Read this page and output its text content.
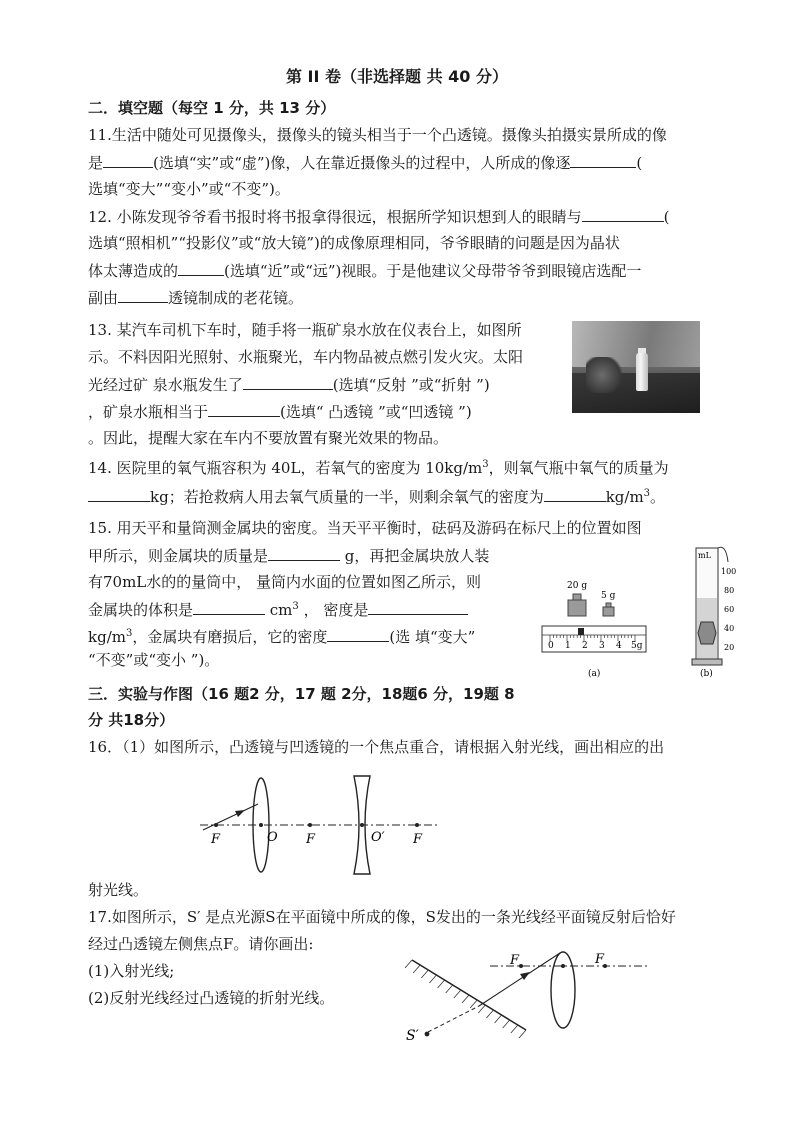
第 II 卷（非选择题 共 40 分）
二．填空题（每空 1 分，共 13 分）
11.生活中随处可见摄像头，摄像头的镜头相当于一个凸透镜。摄像头拍摄实景所成的像
是	(选填“实”或“虚”)像，人在靠近摄像头的过程中，人所成的像逐	(
选填“变大”“变小”或“不变”)。
12. 小陈发现爷爷看书报时将书报拿得很远，根据所学知识想到人的眼睛与	(
选填“照相机”“投影仪”或“放大镜”)的成像原理相同，爷爷眼睛的问题是因为晶状
体太薄造成的	(选填“近”或“远”)视眼。于是他建议父母带爷爷到眼镜店选配一
副由	透镜制成的老花镜。
13. 某汽车司机下车时，随手将一瓶矿泉水放在仪表台上，如图所
示。不料因阳光照射、水瓶聚光，车内物品被点燃引发火灾。太阳
光经过矿 泉水瓶发生了	(选填“反射 ”或“折射 ”)
，矿泉水瓶相当于	(选填“ 凸透镜 ”或“凹透镜 ”)
。因此，提醒大家在车内不要放置有聚光效果的物品。
14. 医院里的氧气瓶容积为 40L，若氧气的密度为 $10kg/m^3$，则氧气瓶中氧气的质量为
kg；若抢救病人用去氧气质量的一半，则剩余氧气的密度为	$kg/m^3$。
15. 用天平和量筒测金属块的密度。当天平平衡时，砝码及游码在标尺上的位置如图
甲所示，则金属块的质量是	g，再把金属块放人装
有70mL水的的量筒中， 量筒内水面的位置如图乙所示，则
金属块的体积是	$cm^3$ ， 密度是
$kg/m^3$，金属块有磨损后，它的密度	(选 填“变大”
“不变”或“变小 ”)。
20 g
5 g
0 1 2 3 4 5g
(a)
mL
100
80
60
40
20
(b)
三．实验与作图（16 题2 分，17 题 2分，18题6 分，19题 8
分 共18分）
16．（1）如图所示，凸透镜与凹透镜的一个焦点重合，请根据入射光线，画出相应的出
F	O F	O′ F
射光线。
17.如图所示，S′ 是点光源S在平面镜中所成的像，S发出的一条光线经平面镜反射后恰好
经过凸透镜左侧焦点F。请你画出:
(1)入射光线;
(2)反射光线经过凸透镜的折射光线。
F	F
S′
